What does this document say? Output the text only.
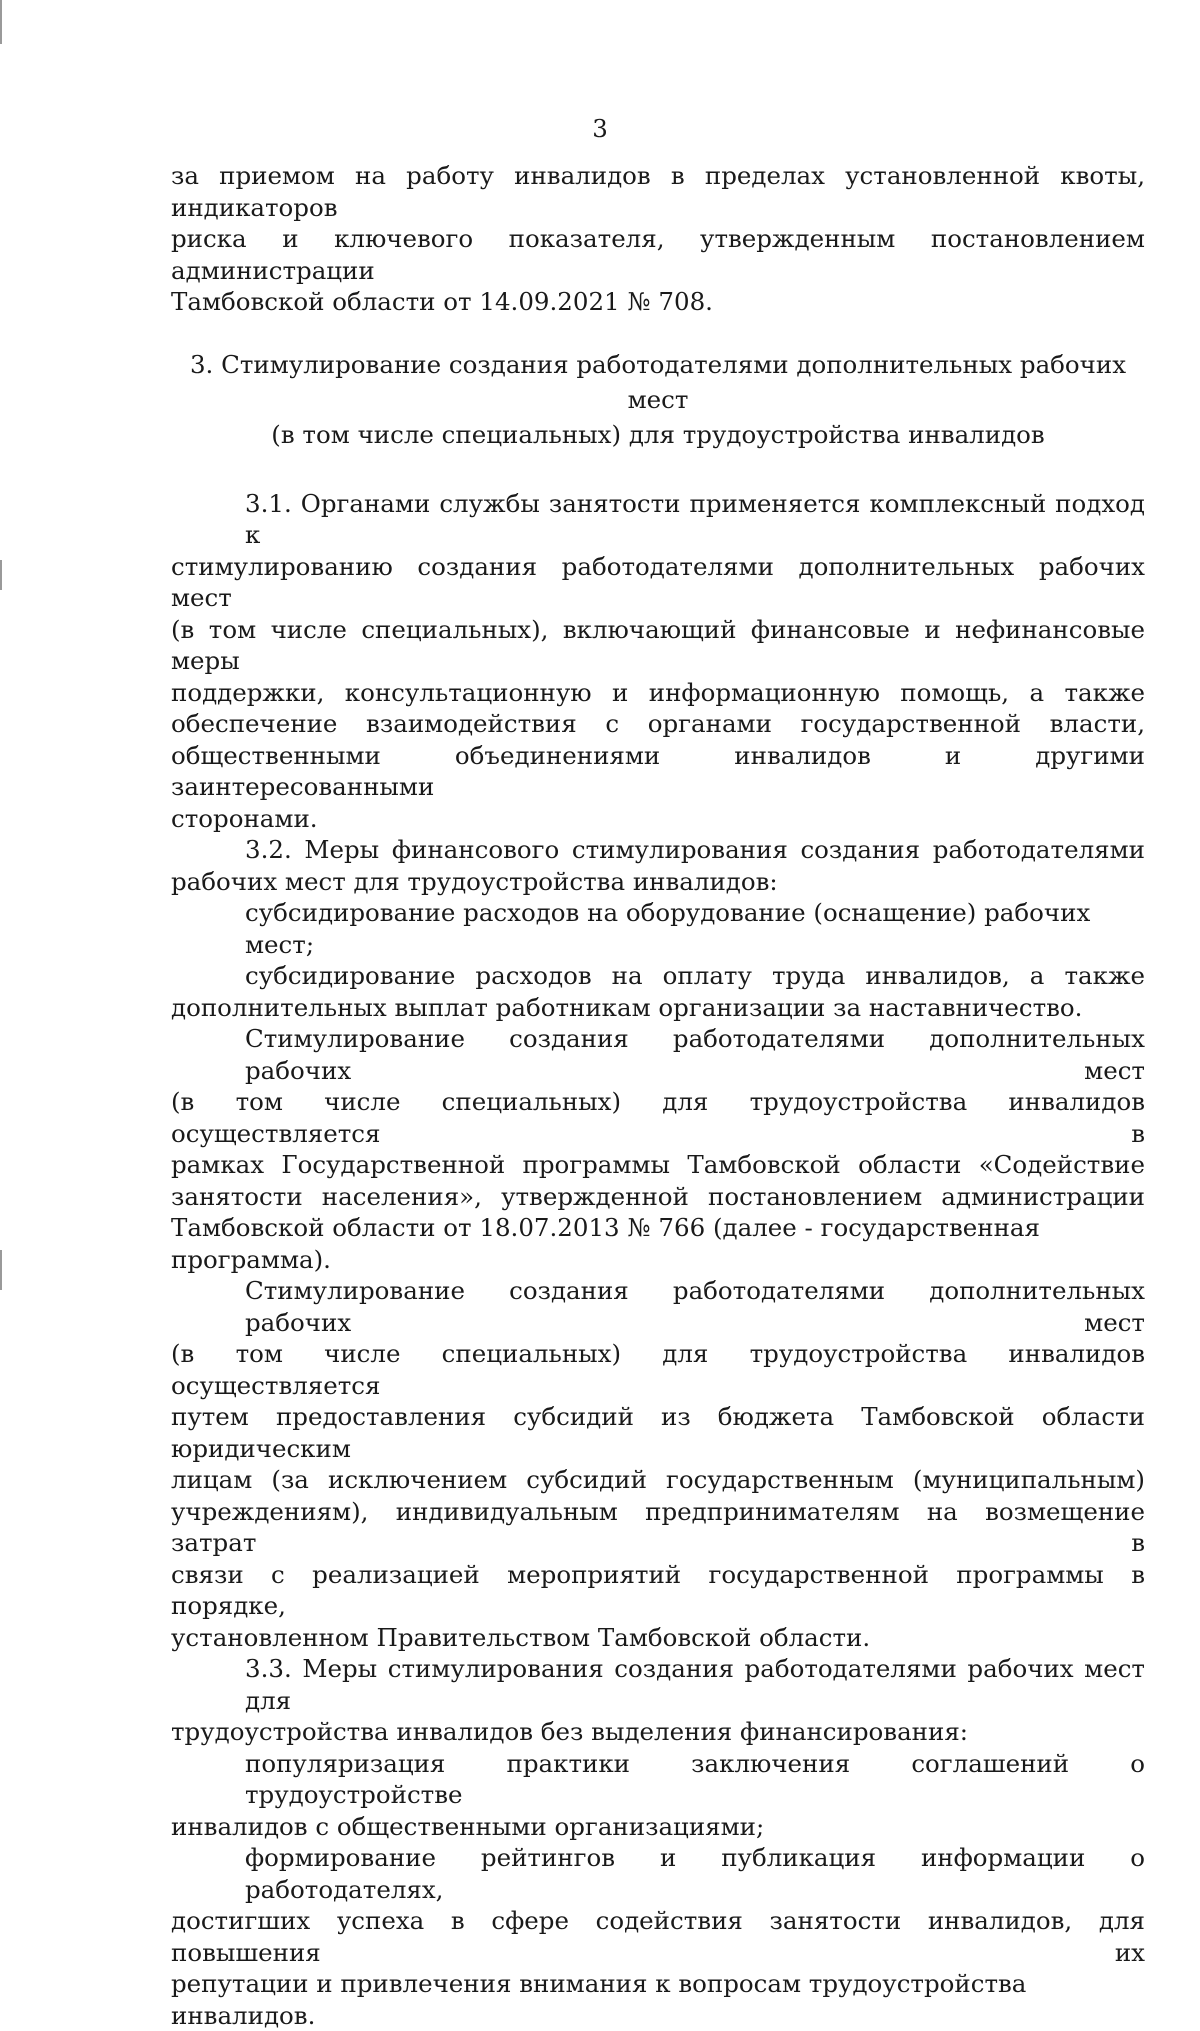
3

за приемом на работу инвалидов в пределах установленной квоты, индикаторов
риска и ключевого показателя, утвержденным постановлением администрации
Тамбовской области от 14.09.2021 № 708.

3. Стимулирование создания работодателями дополнительных рабочих мест
(в том числе специальных) для трудоустройства инвалидов
3.1. Органами службы занятости применяется комплексный подход к
стимулированию создания работодателями дополнительных рабочих мест
(в том числе специальных), включающий финансовые и нефинансовые меры
поддержки, консультационную и информационную помощь, а также
обеспечение взаимодействия с органами государственной власти,
общественными объединениями инвалидов и другими заинтересованными
сторонами.
3.2. Меры финансового стимулирования создания работодателями
рабочих мест для трудоустройства инвалидов:
субсидирование расходов на оборудование (оснащение) рабочих мест;
субсидирование расходов на оплату труда инвалидов, а также
дополнительных выплат работникам организации за наставничество.
Стимулирование создания работодателями дополнительных рабочих мест
(в том числе специальных) для трудоустройства инвалидов осуществляется в
рамках Государственной программы Тамбовской области «Содействие
занятости населения», утвержденной постановлением администрации
Тамбовской области от 18.07.2013 № 766 (далее - государственная программа).
Стимулирование создания работодателями дополнительных рабочих мест
(в том числе специальных) для трудоустройства инвалидов осуществляется
путем предоставления субсидий из бюджета Тамбовской области юридическим
лицам (за исключением субсидий государственным (муниципальным)
учреждениям), индивидуальным предпринимателям на возмещение затрат в
связи с реализацией мероприятий государственной программы в порядке,
установленном Правительством Тамбовской области.
3.3. Меры стимулирования создания работодателями рабочих мест для
трудоустройства инвалидов без выделения финансирования:
популяризация практики заключения соглашений о трудоустройстве
инвалидов с общественными организациями;
формирование рейтингов и публикация информации о работодателях,
достигших успеха в сфере содействия занятости инвалидов, для повышения их
репутации и привлечения внимания к вопросам трудоустройства инвалидов.
